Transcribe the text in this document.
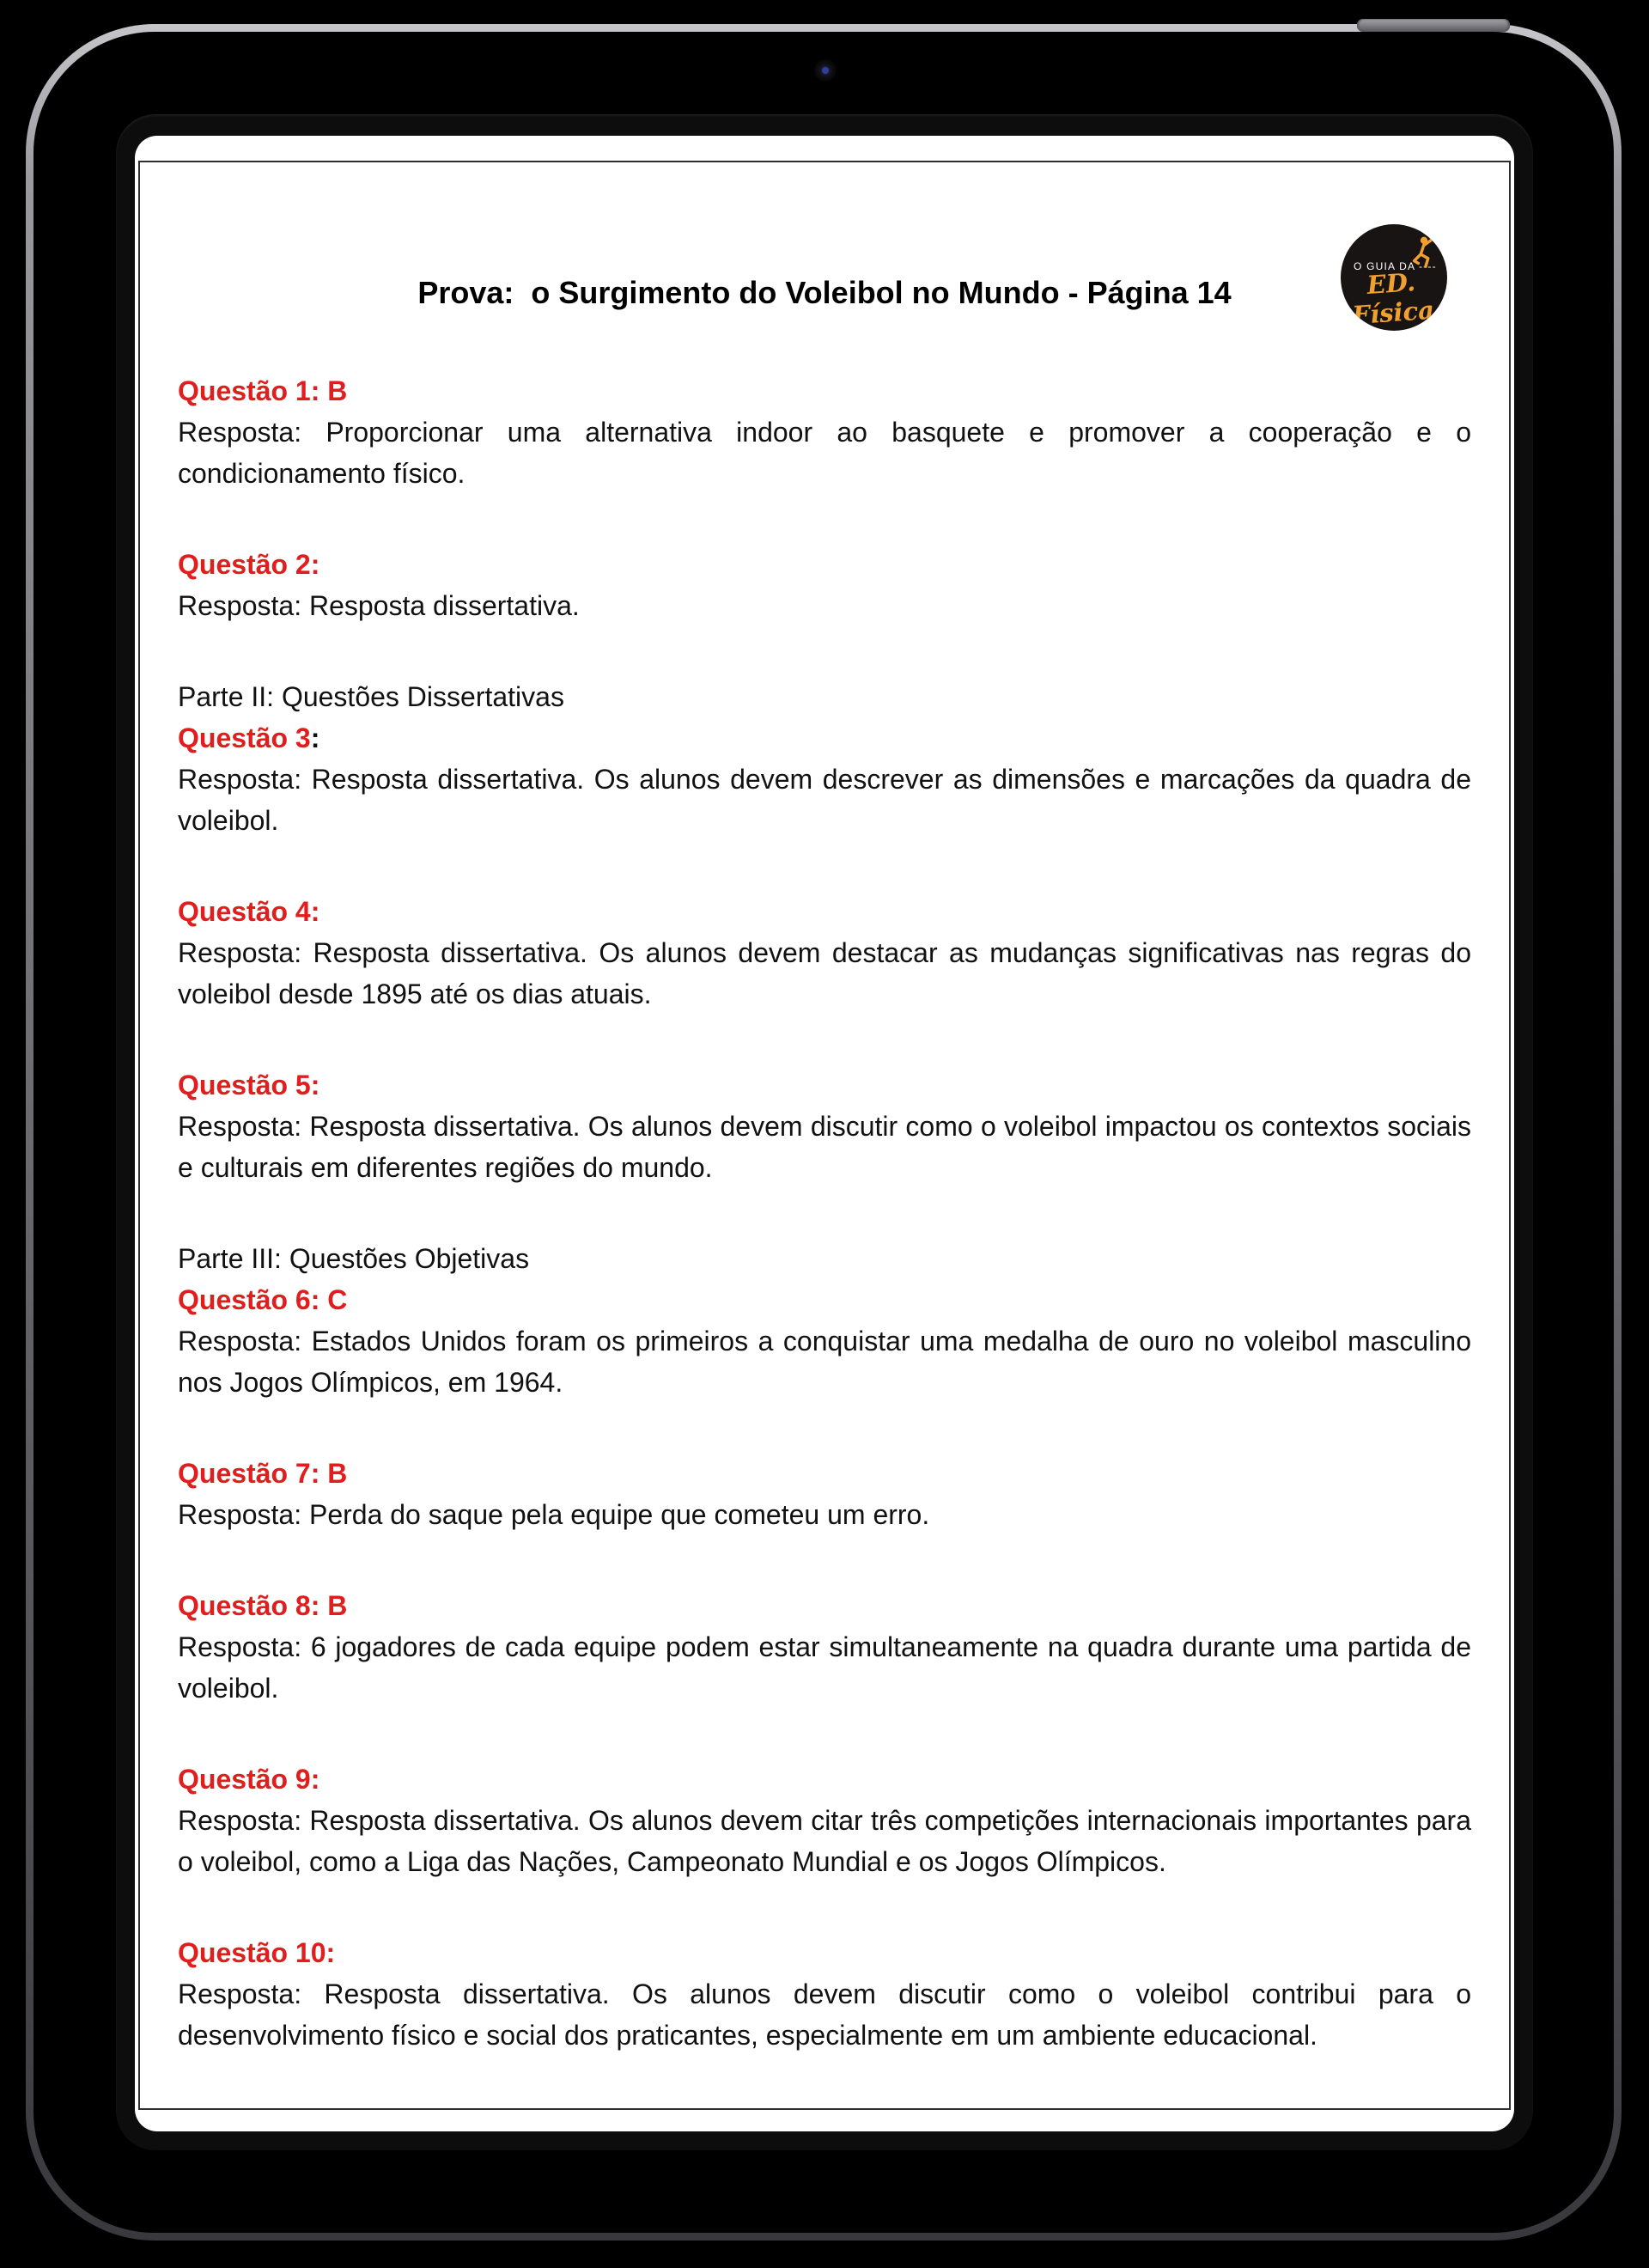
O GUIA DA ----
ED. Física
Prova:  o Surgimento do Voleibol no Mundo - Página 14
Questão 1: B

Resposta: Proporcionar uma alternativa indoor ao basquete e promover a cooperação e o condicionamento físico.

Questão 2:

Resposta: Resposta dissertativa.

Parte II: Questões Dissertativas

Questão 3:

Resposta: Resposta dissertativa. Os alunos devem descrever as dimensões e marcações da quadra de voleibol.

Questão 4:

Resposta: Resposta dissertativa. Os alunos devem destacar as mudanças significativas nas regras do voleibol desde 1895 até os dias atuais.

Questão 5:

Resposta: Resposta dissertativa. Os alunos devem discutir como o voleibol impactou os contextos sociais e culturais em diferentes regiões do mundo.

Parte III: Questões Objetivas

Questão 6: C

Resposta: Estados Unidos foram os primeiros a conquistar uma medalha de ouro no voleibol masculino nos Jogos Olímpicos, em 1964.

Questão 7: B

Resposta: Perda do saque pela equipe que cometeu um erro.

Questão 8: B

Resposta: 6 jogadores de cada equipe podem estar simultaneamente na quadra durante uma partida de voleibol.

Questão 9:

Resposta: Resposta dissertativa. Os alunos devem citar três competições internacionais importantes para o voleibol, como a Liga das Nações, Campeonato Mundial e os Jogos Olímpicos.

Questão 10:

Resposta: Resposta dissertativa. Os alunos devem discutir como o voleibol contribui para o desenvolvimento físico e social dos praticantes, especialmente em um ambiente educacional.
